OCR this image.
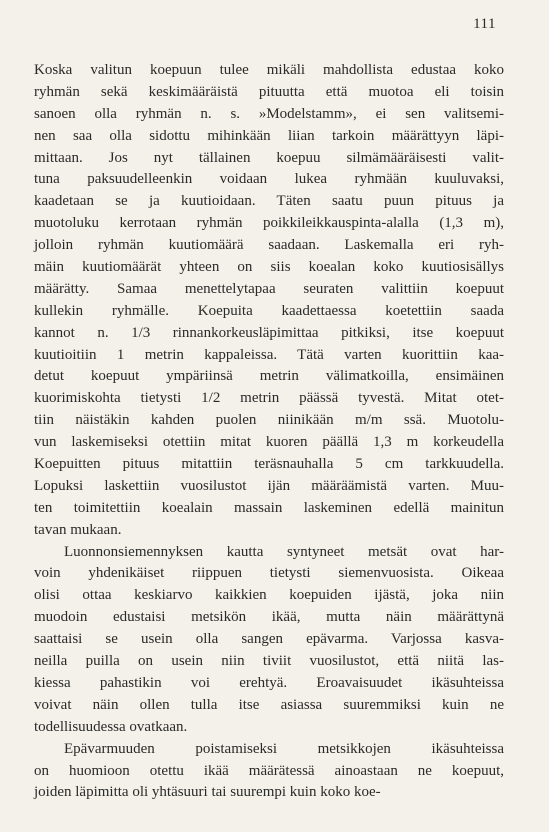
111
Koska valitun koepuun tulee mikäli mahdollista edustaa koko
ryhmän sekä keskimääräistä pituutta että muotoa eli toisin
sanoen olla ryhmän n. s. »Modelstamm», ei sen valitsemi-
nen saa olla sidottu mihinkään liian tarkoin määrättyyn läpi-
mittaan. Jos nyt tällainen koepuu silmämääräisesti valit-
tuna paksuudelleenkin voidaan lukea ryhmään kuuluvaksi,
kaadetaan se ja kuutioidaan. Täten saatu puun pituus ja
muotoluku kerrotaan ryhmän poikkileikkauspinta-alalla (1,3 m),
jolloin ryhmän kuutiomäärä saadaan. Laskemalla eri ryh-
mäin kuutiomäärät yhteen on siis koealan koko kuutiosisällys
määrätty. Samaa menettelytapaa seuraten valittiin koepuut
kullekin ryhmälle. Koepuita kaadettaessa koetettiin saada
kannot n. 1/3 rinnankorkeusläpimittaa pitkiksi, itse koepuut
kuutioitiin 1 metrin kappaleissa. Tätä varten kuorittiin kaa-
detut koepuut ympäriinsä metrin välimatkoilla, ensimäinen
kuorimiskohta tietysti 1/2 metrin päässä tyvestä. Mitat otet-
tiin näistäkin kahden puolen niinikään m/m ssä. Muotolu-
vun laskemiseksi otettiin mitat kuoren päällä 1,3 m korkeudella
Koepuitten pituus mitattiin teräsnauhalla 5 cm tarkkuudella.
Lopuksi laskettiin vuosilustot ijän määräämistä varten. Muu-
ten toimitettiin koealain massain laskeminen edellä mainitun
tavan mukaan.
Luonnonsiemennyksen kautta syntyneet metsät ovat har-
voin yhdenikäiset riippuen tietysti siemenvuosista. Oikeaa
olisi ottaa keskiarvo kaikkien koepuiden ijästä, joka niin
muodoin edustaisi metsikön ikää, mutta näin määrättynä
saattaisi se usein olla sangen epävarma. Varjossa kasva-
neilla puilla on usein niin tiviit vuosilustot, että niitä las-
kiessa pahastikin voi erehtyä. Eroavaisuudet ikäsuhteissa
voivat näin ollen tulla itse asiassa suuremmiksi kuin ne
todellisuudessa ovatkaan.
Epävarmuuden poistamiseksi metsikkojen ikäsuhteissa
on huomioon otettu ikää määrätessä ainoastaan ne koepuut,
joiden läpimitta oli yhtäsuuri tai suurempi kuin koko koe-
